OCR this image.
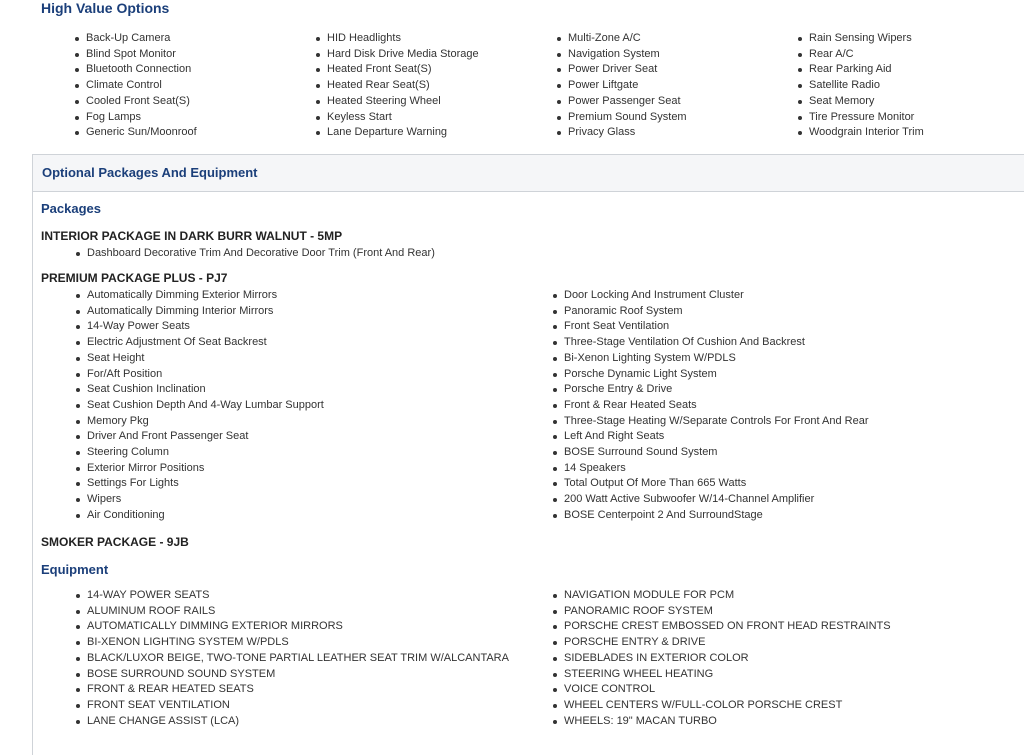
High Value Options
Back-Up Camera
Blind Spot Monitor
Bluetooth Connection
Climate Control
Cooled Front Seat(S)
Fog Lamps
Generic Sun/Moonroof
HID Headlights
Hard Disk Drive Media Storage
Heated Front Seat(S)
Heated Rear Seat(S)
Heated Steering Wheel
Keyless Start
Lane Departure Warning
Multi-Zone A/C
Navigation System
Power Driver Seat
Power Liftgate
Power Passenger Seat
Premium Sound System
Privacy Glass
Rain Sensing Wipers
Rear A/C
Rear Parking Aid
Satellite Radio
Seat Memory
Tire Pressure Monitor
Woodgrain Interior Trim
Optional Packages And Equipment
Packages
INTERIOR PACKAGE IN DARK BURR WALNUT - 5MP
Dashboard Decorative Trim And Decorative Door Trim (Front And Rear)
PREMIUM PACKAGE PLUS - PJ7
Automatically Dimming Exterior Mirrors
Automatically Dimming Interior Mirrors
14-Way Power Seats
Electric Adjustment Of Seat Backrest
Seat Height
For/Aft Position
Seat Cushion Inclination
Seat Cushion Depth And 4-Way Lumbar Support
Memory Pkg
Driver And Front Passenger Seat
Steering Column
Exterior Mirror Positions
Settings For Lights
Wipers
Air Conditioning
Door Locking And Instrument Cluster
Panoramic Roof System
Front Seat Ventilation
Three-Stage Ventilation Of Cushion And Backrest
Bi-Xenon Lighting System W/PDLS
Porsche Dynamic Light System
Porsche Entry & Drive
Front & Rear Heated Seats
Three-Stage Heating W/Separate Controls For Front And Rear
Left And Right Seats
BOSE Surround Sound System
14 Speakers
Total Output Of More Than 665 Watts
200 Watt Active Subwoofer W/14-Channel Amplifier
BOSE Centerpoint 2 And SurroundStage
SMOKER PACKAGE - 9JB
Equipment
14-WAY POWER SEATS
ALUMINUM ROOF RAILS
AUTOMATICALLY DIMMING EXTERIOR MIRRORS
BI-XENON LIGHTING SYSTEM W/PDLS
BLACK/LUXOR BEIGE, TWO-TONE PARTIAL LEATHER SEAT TRIM W/ALCANTARA
BOSE SURROUND SOUND SYSTEM
FRONT & REAR HEATED SEATS
FRONT SEAT VENTILATION
LANE CHANGE ASSIST (LCA)
NAVIGATION MODULE FOR PCM
PANORAMIC ROOF SYSTEM
PORSCHE CREST EMBOSSED ON FRONT HEAD RESTRAINTS
PORSCHE ENTRY & DRIVE
SIDEBLADES IN EXTERIOR COLOR
STEERING WHEEL HEATING
VOICE CONTROL
WHEEL CENTERS W/FULL-COLOR PORSCHE CREST
WHEELS: 19" MACAN TURBO
